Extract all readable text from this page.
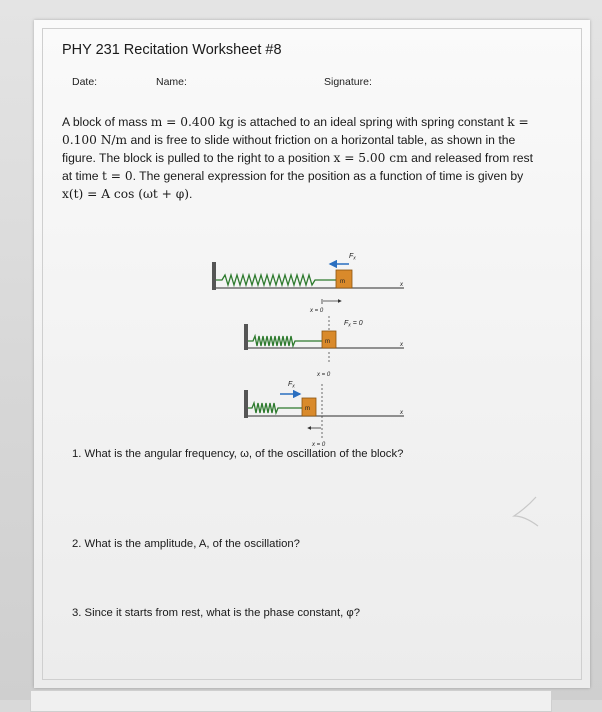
PHY 231 Recitation Worksheet #8
Date:	Name:	Signature:
A block of mass m = 0.400 kg is attached to an ideal spring with spring constant k = 0.100 N/m and is free to slide without friction on a horizontal table, as shown in the figure. The block is pulled to the right to a position x = 5.00 cm and released from rest at time t = 0. The general expression for the position as a function of time is given by x(t) = A cos (ωt + φ).
m
$F_x$
x
x = 0
m
$F_x = 0$
x
x = 0
m
$F_x$
x
x = 0
1. What is the angular frequency, ω, of the oscillation of the block?
2. What is the amplitude, A, of the oscillation?
3. Since it starts from rest, what is the phase constant, φ?
